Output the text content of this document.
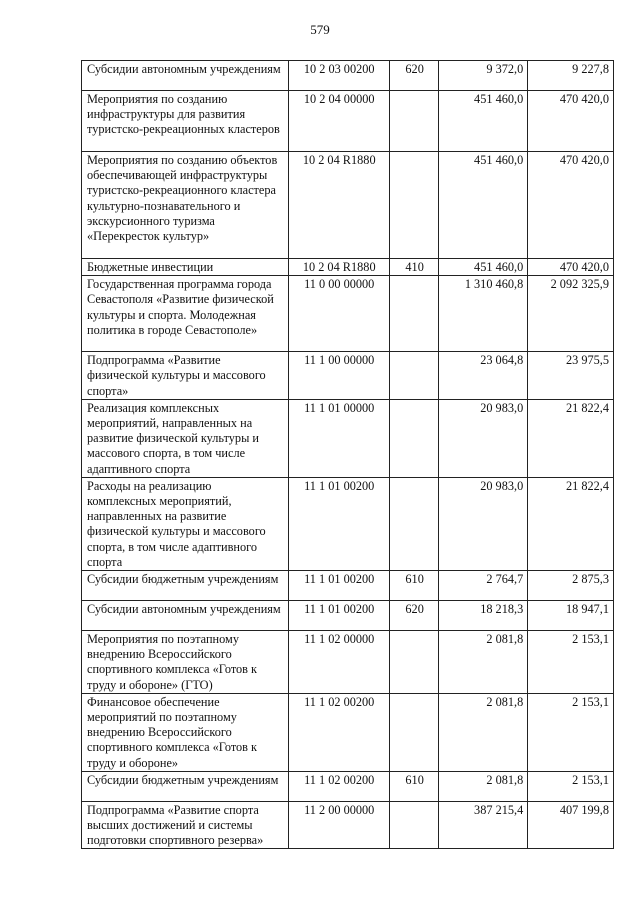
579
Субсидии автономным учреждениям	10 2 03 00200	620	9 372,0	9 227,8
Мероприятия по созданию инфраструктуры для развития туристско-рекреационных кластеров	10 2 04 00000		451 460,0	470 420,0
Мероприятия по созданию объектов обеспечивающей инфраструктуры туристско-рекреационного кластера культурно-познавательного и экскурсионного туризма «Перекресток культур»	10 2 04 R1880		451 460,0	470 420,0
Бюджетные инвестиции	10 2 04 R1880	410	451 460,0	470 420,0
Государственная программа города Севастополя «Развитие физической культуры и спорта. Молодежная политика в городе Севастополе»	11 0 00 00000		1 310 460,8	2 092 325,9
Подпрограмма «Развитие физической культуры и массового спорта»	11 1 00 00000		23 064,8	23 975,5
Реализация комплексных мероприятий, направленных на развитие физической культуры и массового спорта, в том числе адаптивного спорта	11 1 01 00000		20 983,0	21 822,4
Расходы на реализацию комплексных мероприятий, направленных на развитие физической культуры и массового спорта, в том числе адаптивного спорта	11 1 01 00200		20 983,0	21 822,4
Субсидии бюджетным учреждениям	11 1 01 00200	610	2 764,7	2 875,3
Субсидии автономным учреждениям	11 1 01 00200	620	18 218,3	18 947,1
Мероприятия по поэтапному внедрению Всероссийского спортивного комплекса «Готов к труду и обороне» (ГТО)	11 1 02 00000		2 081,8	2 153,1
Финансовое обеспечение мероприятий по поэтапному внедрению Всероссийского спортивного комплекса «Готов к труду и обороне»	11 1 02 00200		2 081,8	2 153,1
Субсидии бюджетным учреждениям	11 1 02 00200	610	2 081,8	2 153,1
Подпрограмма «Развитие спорта высших достижений и системы подготовки спортивного резерва»	11 2 00 00000		387 215,4	407 199,8
